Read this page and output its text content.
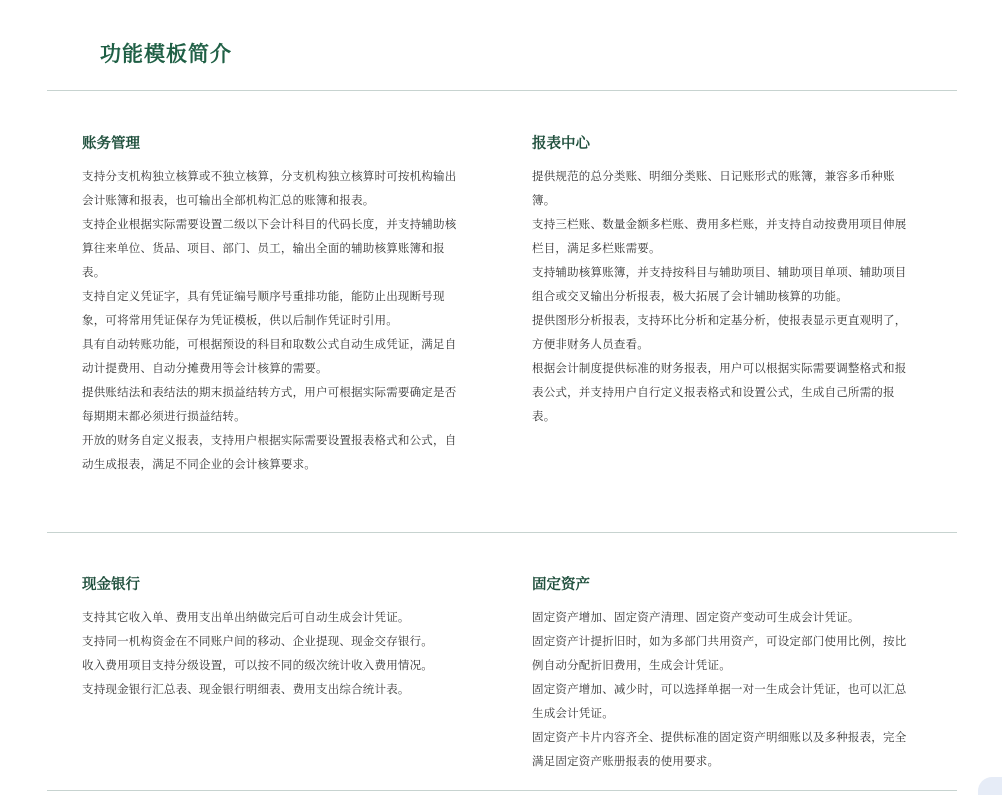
功能模板简介
账务管理

支持分支机构独立核算或不独立核算，分支机构独立核算时可按机构输出会计账簿和报表，也可输出全部机构汇总的账簿和报表。

支持企业根据实际需要设置二级以下会计科目的代码长度，并支持辅助核算往来单位、货品、项目、部门、员工，输出全面的辅助核算账簿和报表。

支持自定义凭证字，具有凭证编号顺序号重排功能，能防止出现断号现象，可将常用凭证保存为凭证模板，供以后制作凭证时引用。

具有自动转账功能，可根据预设的科目和取数公式自动生成凭证，满足自动计提费用、自动分摊费用等会计核算的需要。

提供账结法和表结法的期末损益结转方式，用户可根据实际需要确定是否每期期末都必须进行损益结转。

开放的财务自定义报表，支持用户根据实际需要设置报表格式和公式，自动生成报表，满足不同企业的会计核算要求。

报表中心

提供规范的总分类账、明细分类账、日记账形式的账簿，兼容多币种账簿。

支持三栏账、数量金额多栏账、费用多栏账，并支持自动按费用项目伸展栏目，满足多栏账需要。

支持辅助核算账簿，并支持按科目与辅助项目、辅助项目单项、辅助项目组合或交叉输出分析报表，极大拓展了会计辅助核算的功能。

提供图形分析报表，支持环比分析和定基分析，使报表显示更直观明了，方便非财务人员查看。

根据会计制度提供标准的财务报表，用户可以根据实际需要调整格式和报表公式，并支持用户自行定义报表格式和设置公式，生成自己所需的报表。

现金银行

支持其它收入单、费用支出单出纳做完后可自动生成会计凭证。

支持同一机构资金在不同账户间的移动、企业提现、现金交存银行。

收入费用项目支持分级设置，可以按不同的级次统计收入费用情况。

支持现金银行汇总表、现金银行明细表、费用支出综合统计表。

固定资产

固定资产增加、固定资产清理、固定资产变动可生成会计凭证。

固定资产计提折旧时，如为多部门共用资产，可设定部门使用比例，按比例自动分配折旧费用，生成会计凭证。

固定资产增加、减少时，可以选择单据一对一生成会计凭证，也可以汇总生成会计凭证。

固定资产卡片内容齐全、提供标准的固定资产明细账以及多种报表，完全满足固定资产账册报表的使用要求。
